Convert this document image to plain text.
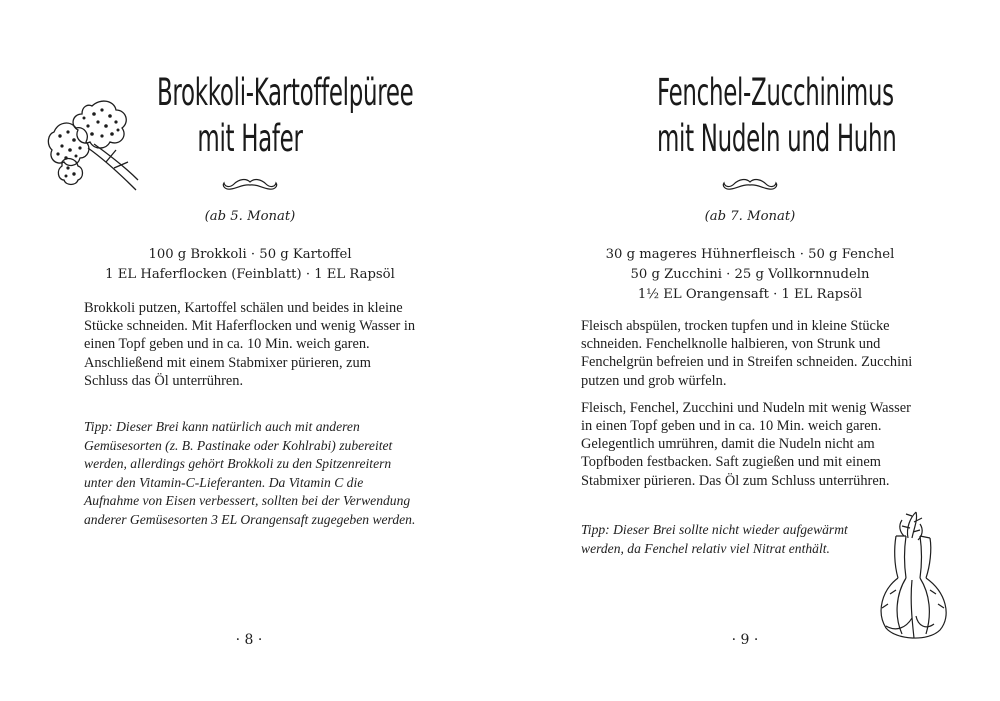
Brokkoli-Kartoffelpüree
mit Hafer
(ab 5. Monat)
100 g Brokkoli · 50 g Kartoffel
1 EL Haferflocken (Feinblatt) · 1 EL Rapsöl

Brokkoli putzen, Kartoffel schälen und beides in kleine Stücke schneiden. Mit Haferflocken und wenig Wasser in einen Topf geben und in ca. 10 Min. weich garen. Anschließend mit einem Stabmixer pürieren, zum Schluss das Öl unterrühren.

Tipp: Dieser Brei kann natürlich auch mit anderen Gemüsesorten (z. B. Pastinake oder Kohlrabi) zubereitet werden, allerdings gehört Brokkoli zu den Spitzenreitern unter den Vitamin-C-Lieferanten. Da Vitamin C die Aufnahme von Eisen verbessert, sollten bei der Verwendung anderer Gemüsesorten 3 EL Orangensaft zugegeben werden.
· 8 ·
Fenchel-Zucchinimus
mit Nudeln und Huhn
(ab 7. Monat)
30 g mageres Hühnerfleisch · 50 g Fenchel
50 g Zucchini · 25 g Vollkornnudeln
1½ EL Orangensaft · 1 EL Rapsöl

Fleisch abspülen, trocken tupfen und in kleine Stücke schneiden. Fenchelknolle halbieren, von Strunk und Fenchelgrün befreien und in Streifen schneiden. Zucchini putzen und grob würfeln.

Fleisch, Fenchel, Zucchini und Nudeln mit wenig Wasser in einen Topf geben und in ca. 10 Min. weich garen. Gelegentlich umrühren, damit die Nudeln nicht am Topfboden festbacken. Saft zugießen und mit einem Stabmixer pürieren. Das Öl zum Schluss unterrühren.

Tipp: Dieser Brei sollte nicht wieder aufgewärmt werden, da Fenchel relativ viel Nitrat enthält.
· 9 ·
